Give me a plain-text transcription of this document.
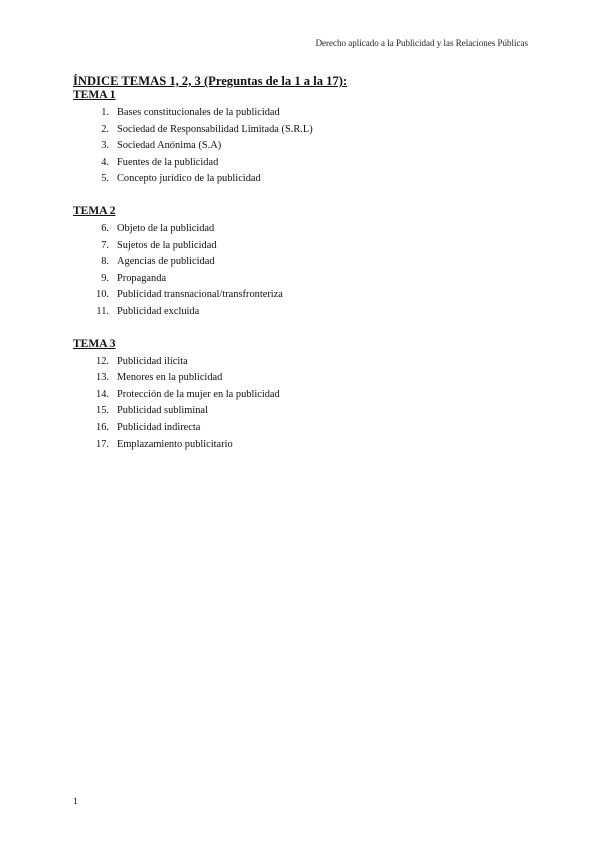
Derecho aplicado a la Publicidad y las Relaciones Públicas

ÍNDICE TEMAS 1, 2, 3 (Preguntas de la 1 a la 17):

TEMA 1

1. Bases constitucionales de la publicidad
2. Sociedad de Responsabilidad Limitada (S.R.L)
3. Sociedad Anónima (S.A)
4. Fuentes de la publicidad
5. Concepto jurídico de la publicidad

TEMA 2

6. Objeto de la publicidad
7. Sujetos de la publicidad
8. Agencias de publicidad
9. Propaganda
10. Publicidad transnacional/transfronteriza
11. Publicidad excluida

TEMA 3

12. Publicidad ilícita
13. Menores en la publicidad
14. Protección de la mujer en la publicidad
15. Publicidad subliminal
16. Publicidad indirecta
17. Emplazamiento publicitario
1
